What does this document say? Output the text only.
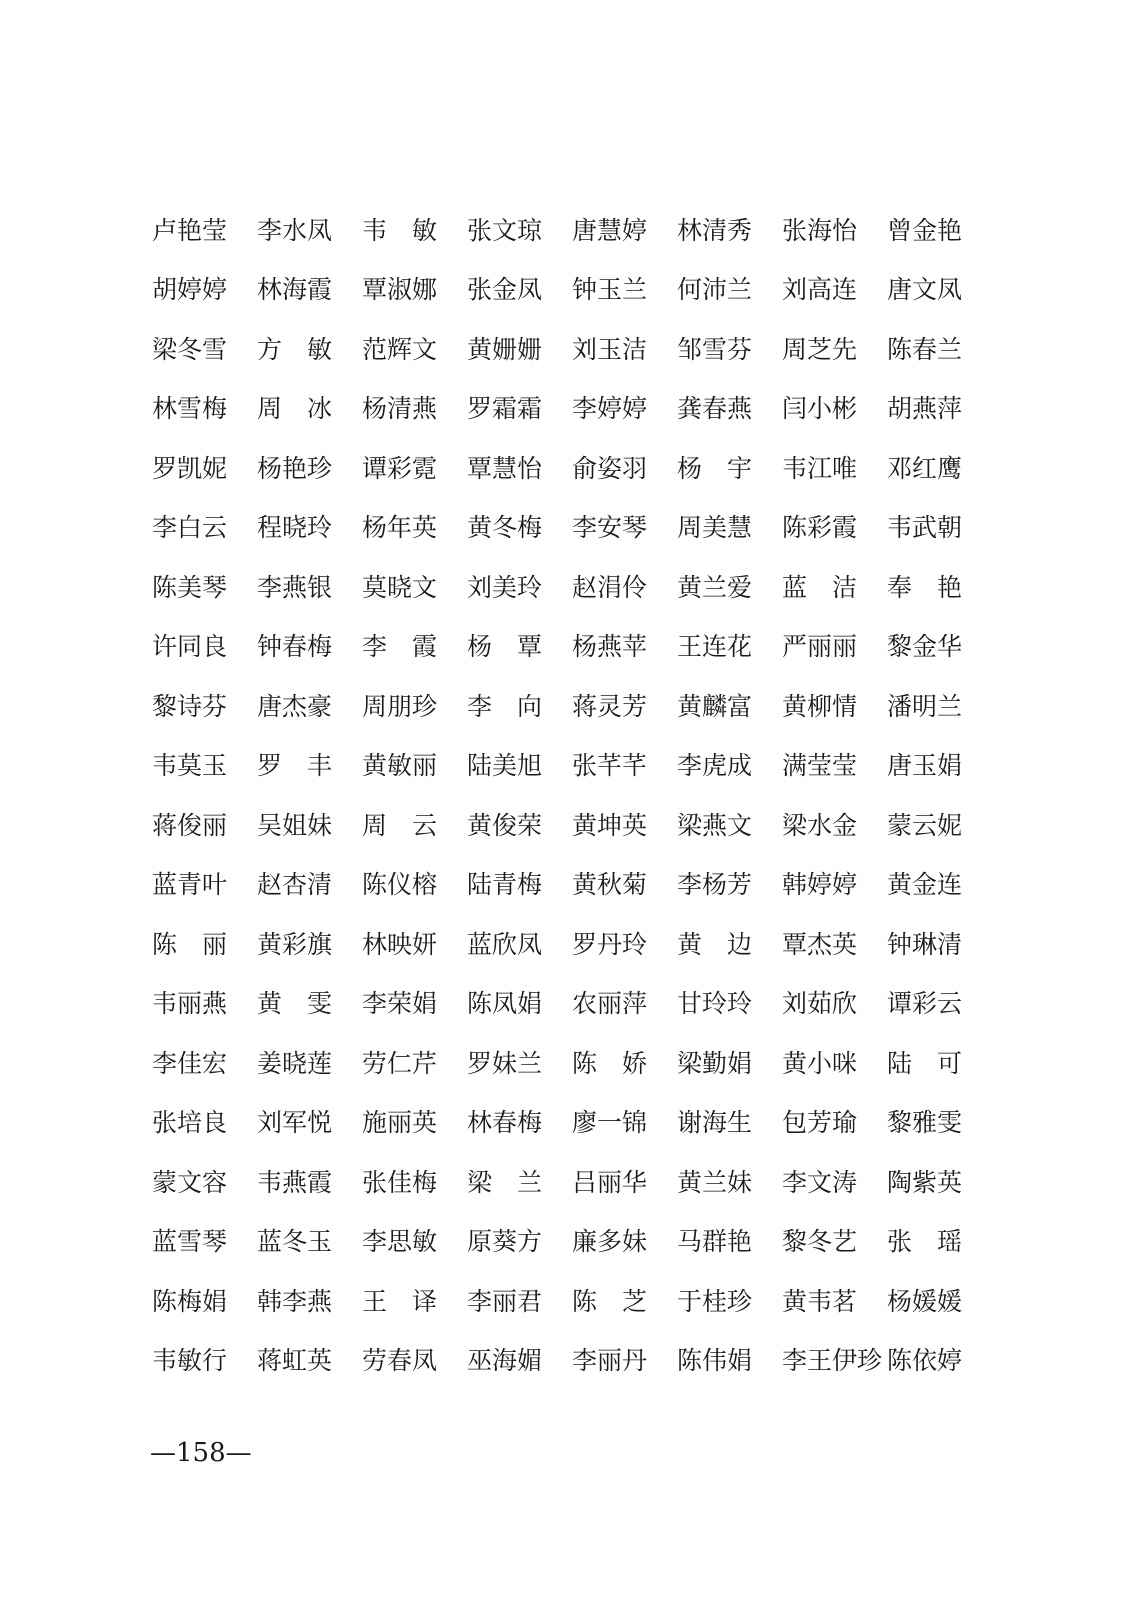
卢艳莹	李水凤	韦　敏	张文琼	唐慧婷	林清秀	张海怡	曾金艳
胡婷婷	林海霞	覃淑娜	张金凤	钟玉兰	何沛兰	刘高连	唐文凤
梁冬雪	方　敏	范辉文	黄姗姗	刘玉洁	邹雪芬	周芝先	陈春兰
林雪梅	周　冰	杨清燕	罗霜霜	李婷婷	龚春燕	闫小彬	胡燕萍
罗凯妮	杨艳珍	谭彩霓	覃慧怡	俞姿羽	杨　宇	韦江唯	邓红鹰
李白云	程晓玲	杨年英	黄冬梅	李安琴	周美慧	陈彩霞	韦武朝
陈美琴	李燕银	莫晓文	刘美玲	赵涓伶	黄兰爱	蓝　洁	奉　艳
许同良	钟春梅	李　霞	杨　覃	杨燕苹	王连花	严丽丽	黎金华
黎诗芬	唐杰豪	周朋珍	李　向	蒋灵芳	黄麟富	黄柳情	潘明兰
韦莫玉	罗　丰	黄敏丽	陆美旭	张芊芊	李虎成	满莹莹	唐玉娟
蒋俊丽	吴姐妹	周　云	黄俊荣	黄坤英	梁燕文	梁水金	蒙云妮
蓝青叶	赵杏清	陈仪榕	陆青梅	黄秋菊	李杨芳	韩婷婷	黄金连
陈　丽	黄彩旗	林映妍	蓝欣凤	罗丹玲	黄　边	覃杰英	钟琳清
韦丽燕	黄　雯	李荣娟	陈凤娟	农丽萍	甘玲玲	刘茹欣	谭彩云
李佳宏	姜晓莲	劳仁芹	罗妹兰	陈　娇	梁勤娟	黄小咪	陆　可
张培良	刘军悦	施丽英	林春梅	廖一锦	谢海生	包芳瑜	黎雅雯
蒙文容	韦燕霞	张佳梅	梁　兰	吕丽华	黄兰妹	李文涛	陶紫英
蓝雪琴	蓝冬玉	李思敏	原葵方	廉多妹	马群艳	黎冬艺	张　瑶
陈梅娟	韩李燕	王　译	李丽君	陈　芝	于桂珍	黄韦茗	杨媛媛
韦敏行	蒋虹英	劳春凤	巫海媚	李丽丹	陈伟娟	李王伊珍 陈依婷
—158—
